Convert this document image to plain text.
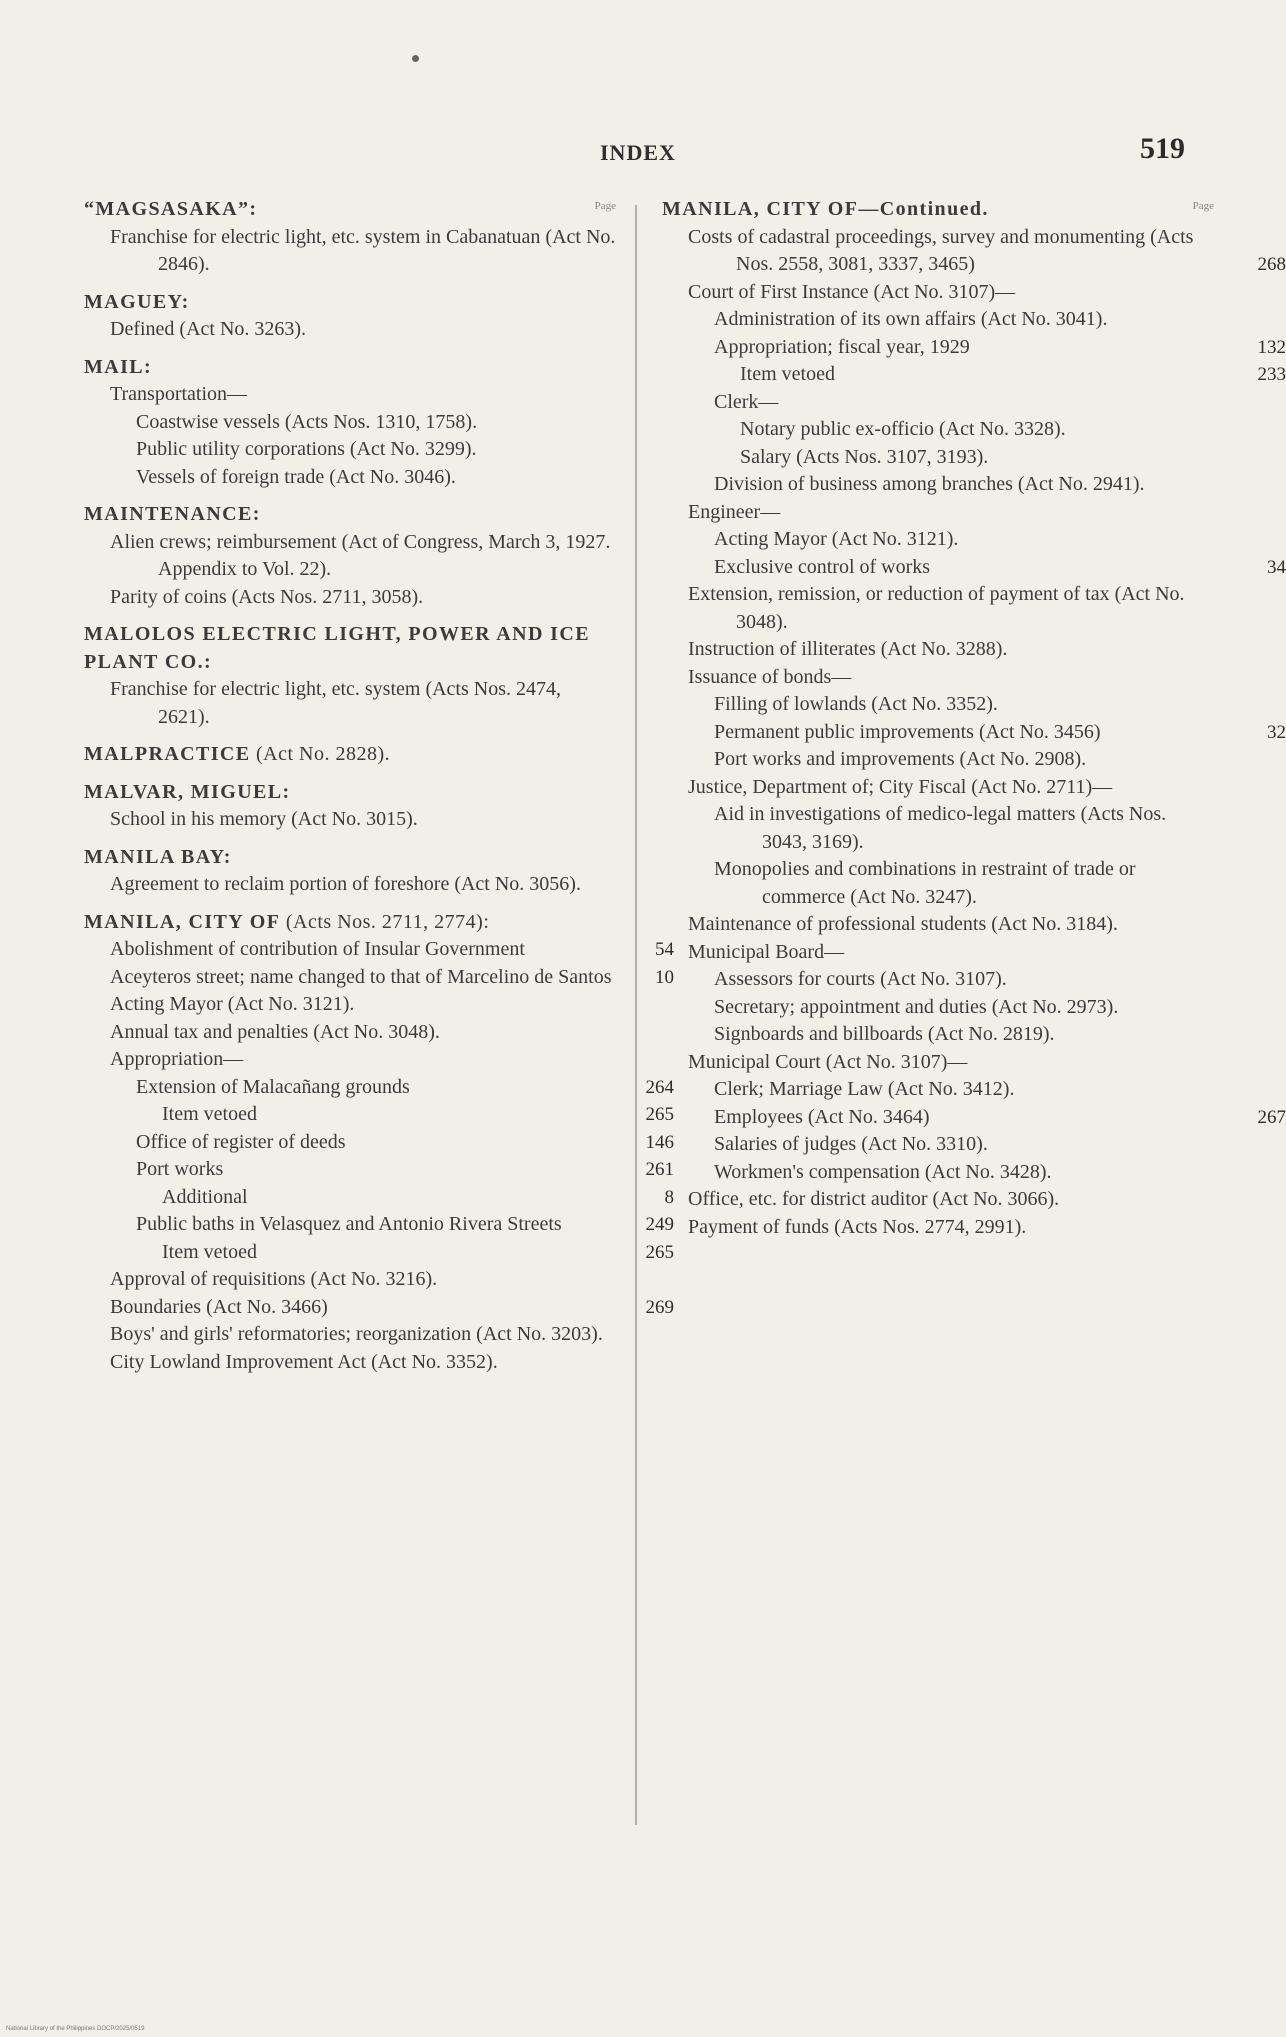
INDEX	519
Page
“MAGSASAKA”:
Franchise for electric light, etc. system in Cabanatuan (Act No. 2846).
MAGUEY:
Defined (Act No. 3263).
MAIL:
Transportation—
Coastwise vessels (Acts Nos. 1310, 1758).
Public utility corporations (Act No. 3299).
Vessels of foreign trade (Act No. 3046).
MAINTENANCE:
Alien crews; reimbursement (Act of Congress, March 3, 1927. Appendix to Vol. 22).
Parity of coins (Acts Nos. 2711, 3058).
MALOLOS ELECTRIC LIGHT, POWER AND ICE PLANT CO.:
Franchise for electric light, etc. system (Acts Nos. 2474, 2621).
MALPRACTICE (Act No. 2828).
MALVAR, MIGUEL:
School in his memory (Act No. 3015).
MANILA BAY:
Agreement to reclaim portion of foreshore (Act No. 3056).
MANILA, CITY OF (Acts Nos. 2711, 2774):
Abolishment of contribution of Insular Government	54
Aceyteros street; name changed to that of Marcelino de Santos 10
Acting Mayor (Act No. 3121).
Annual tax and penalties (Act No. 3048).
Appropriation—
Extension of Malacañang grounds	264
Item vetoed	265
Office of register of deeds	146
Port works	261
Additional	8
Public baths in Velasquez and Antonio Rivera Streets	249
Item vetoed	265
Approval of requisitions (Act No. 3216).
Boundaries (Act No. 3466)	269
Boys' and girls' reformatories; reorganization (Act No. 3203).
City Lowland Improvement Act (Act No. 3352).
Page
MANILA, CITY OF—Continued.
Costs of cadastral proceedings, survey and monumenting (Acts Nos. 2558, 3081, 3337, 3465)	268
Court of First Instance (Act No. 3107)—
Administration of its own affairs (Act No. 3041).
Appropriation; fiscal year, 1929	132
Item vetoed	233
Clerk—
Notary public ex-officio (Act No. 3328).
Salary (Acts Nos. 3107, 3193).
Division of business among branches (Act No. 2941).
Engineer—
Acting Mayor (Act No. 3121).
Exclusive control of works	34
Extension, remission, or reduction of payment of tax (Act No. 3048).
Instruction of illiterates (Act No. 3288).
Issuance of bonds—
Filling of lowlands (Act No. 3352).
Permanent public improvements (Act No. 3456)	32
Port works and improvements (Act No. 2908).
Justice, Department of; City Fiscal (Act No. 2711)—
Aid in investigations of medico-legal matters (Acts Nos. 3043, 3169).
Monopolies and combinations in restraint of trade or commerce (Act No. 3247).
Maintenance of professional students (Act No. 3184).
Municipal Board—
Assessors for courts (Act No. 3107).
Secretary; appointment and duties (Act No. 2973).
Signboards and billboards (Act No. 2819).
Municipal Court (Act No. 3107)—
Clerk; Marriage Law (Act No. 3412).
Employees (Act No. 3464)	267
Salaries of judges (Act No. 3310).
Workmen's compensation (Act No. 3428).
Office, etc. for district auditor (Act No. 3066).
Payment of funds (Acts Nos. 2774, 2991).
National Library of the Philippines DOCP/2025/0519
